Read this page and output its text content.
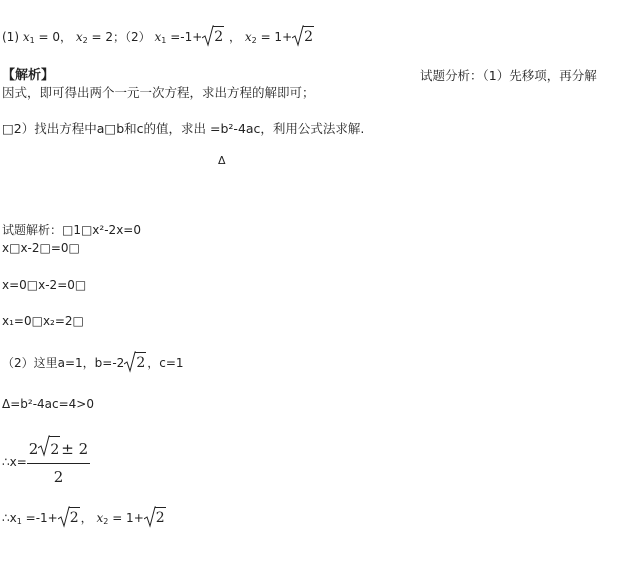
(1) $x_1 = 0$， $x_2 = 2$；（2） $x_1 =-1+ 2$ ， $x_2 = 1+ 2$
【解析】	试题分析：（1）先移项，再分解
因式，即可得出两个一元一次方程，求出方程的解即可；
□2）找出方程中a□b和c的值，求出 =b²-4ac，利用公式法求解.
Δ
试题解析：□1□x²-2x=0
x□x-2□=0□
x=0□x-2=0□
x₁=0□x₂=2□
（2）这里a=1，b=-2 2 ，c=1
Δ=b²-4ac=4>0
∴x= $\frac{2 2 \pm 2}{2}$
$\therefore x_1 =-1+ 2$ ， $x_2 = 1+ 2$
